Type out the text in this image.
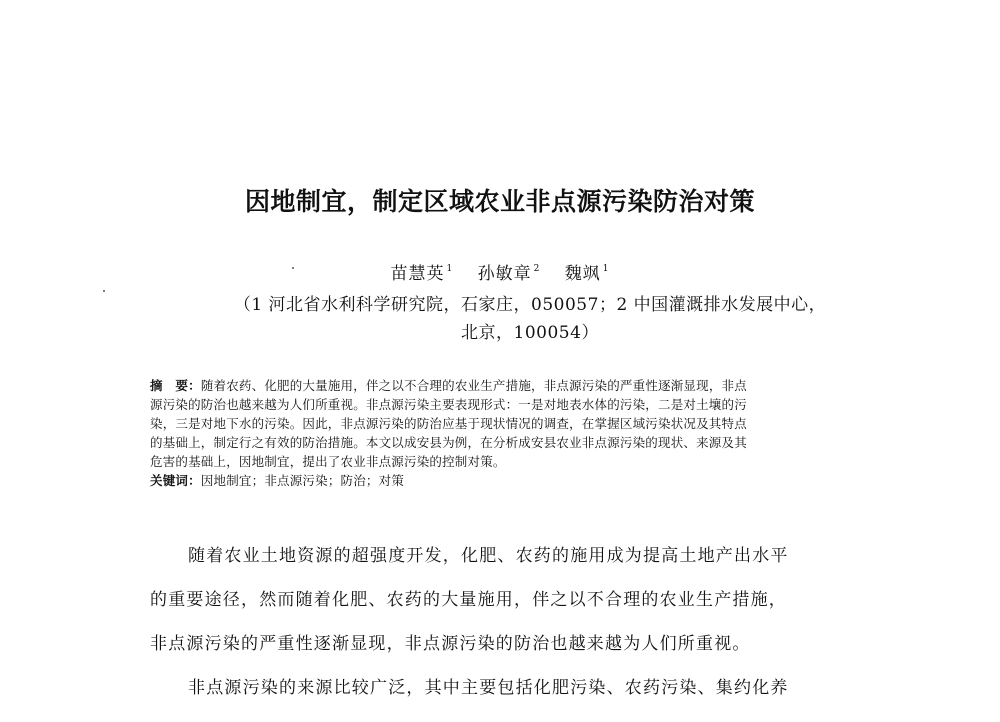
因地制宜，制定区域农业非点源污染防治对策
苗慧英 $^1$ 孙敏章 $^2$ 魏飒 $^1$
（1 河北省水利科学研究院，石家庄，050057；2 中国灌溉排水发展中心，
北京，100054）
摘　要：随着农药、化肥的大量施用，伴之以不合理的农业生产措施，非点源污染的严重性逐渐显现，非点
源污染的防治也越来越为人们所重视。非点源污染主要表现形式：一是对地表水体的污染，二是对土壤的污
染，三是对地下水的污染。因此，非点源污染的防治应基于现状情况的调查，在掌握区域污染状况及其特点
的基础上，制定行之有效的防治措施。本文以成安县为例，在分析成安县农业非点源污染的现状、来源及其
危害的基础上，因地制宜，提出了农业非点源污染的控制对策。
关键词：因地制宜；非点源污染；防治；对策
随着农业土地资源的超强度开发，化肥、农药的施用成为提高土地产出水平
的重要途径，然而随着化肥、农药的大量施用，伴之以不合理的农业生产措施，
非点源污染的严重性逐渐显现，非点源污染的防治也越来越为人们所重视。
非点源污染的来源比较广泛，其中主要包括化肥污染、农药污染、集约化养
